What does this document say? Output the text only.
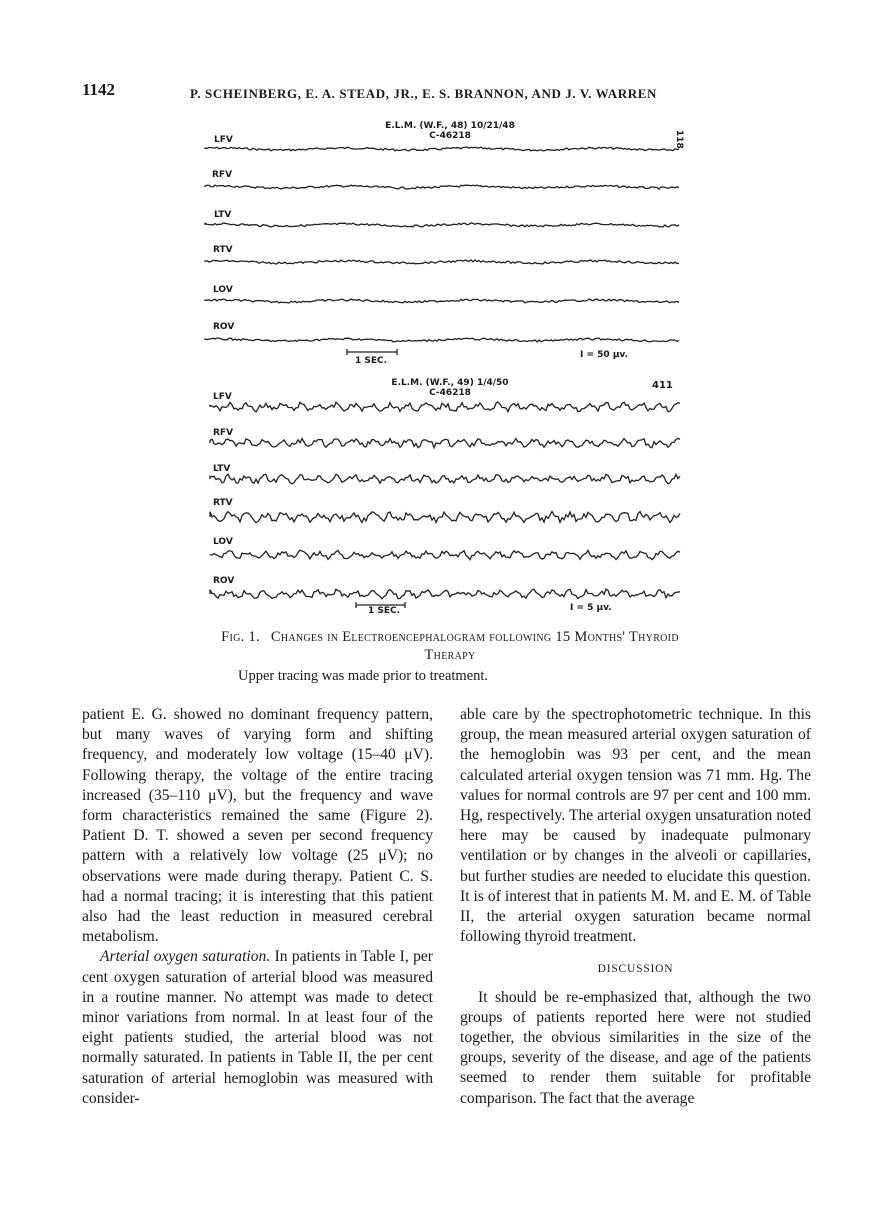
1142	P. SCHEINBERG, E. A. STEAD, JR., E. S. BRANNON, AND J. V. WARREN
E.L.M. (W.F., 48) 10/21/48
C-46218	118
LFV
RFV
LTV
RTV
LOV
ROV
1 SEC.
I = 50 μv.
E.L.M. (W.F., 49) 1/4/50
C-46218
411
LFV
RFV
LTV
RTV
LOV
ROV
1 SEC.	I = 5 μv.
Fig. 1. Changes in Electroencephalogram following 15 Months' Thyroid Therapy
Upper tracing was made prior to treatment.

patient E. G. showed no dominant frequency pattern, but many waves of varying form and shifting frequency, and moderately low voltage (15–40 μV). Following therapy, the voltage of the entire tracing increased (35–110 μV), but the frequency and wave form characteristics remained the same (Figure 2). Patient D. T. showed a seven per second frequency pattern with a relatively low voltage (25 μV); no observations were made during therapy. Patient C. S. had a normal tracing; it is interesting that this patient also had the least reduction in measured cerebral metabolism.

Arterial oxygen saturation. In patients in Table I, per cent oxygen saturation of arterial blood was measured in a routine manner. No attempt was made to detect minor variations from normal. In at least four of the eight patients studied, the arterial blood was not normally saturated. In patients in Table II, the per cent saturation of arterial hemoglobin was measured with consider-

able care by the spectrophotometric technique. In this group, the mean measured arterial oxygen saturation of the hemoglobin was 93 per cent, and the mean calculated arterial oxygen tension was 71 mm. Hg. The values for normal controls are 97 per cent and 100 mm. Hg, respectively. The arterial oxygen unsaturation noted here may be caused by inadequate pulmonary ventilation or by changes in the alveoli or capillaries, but further studies are needed to elucidate this question. It is of interest that in patients M. M. and E. M. of Table II, the arterial oxygen saturation became normal following thyroid treatment.

DISCUSSION

It should be re-emphasized that, although the two groups of patients reported here were not studied together, the obvious similarities in the size of the groups, severity of the disease, and age of the patients seemed to render them suitable for profitable comparison. The fact that the average
